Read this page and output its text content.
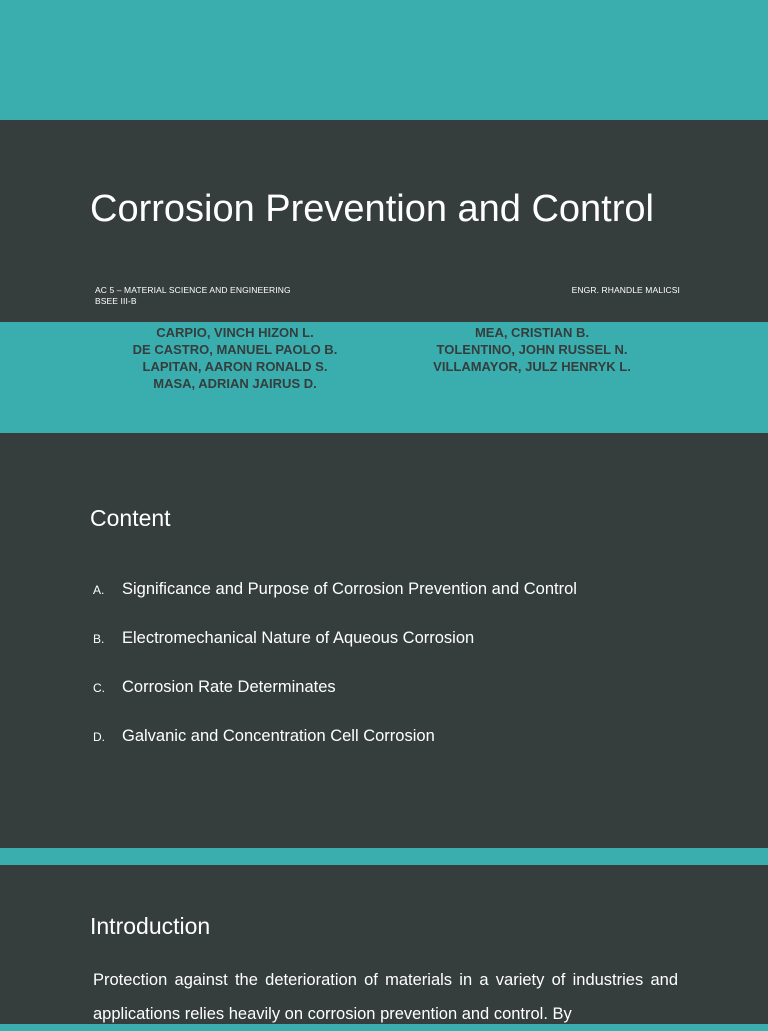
Corrosion Prevention and Control
AC 5 – MATERIAL SCIENCE AND ENGINEERING
BSEE III-B
ENGR. RHANDLE MALICSI
CARPIO, VINCH HIZON L.
DE CASTRO, MANUEL PAOLO B.
LAPITAN, AARON RONALD S.
MASA, ADRIAN JAIRUS D.
MEA, CRISTIAN B.
TOLENTINO, JOHN RUSSEL N.
VILLAMAYOR, JULZ HENRYK L.
Content
A. Significance and Purpose of Corrosion Prevention and Control
B. Electromechanical Nature of Aqueous Corrosion
C. Corrosion Rate Determinates
D. Galvanic and Concentration Cell Corrosion
Introduction

Protection against the deterioration of materials in a variety of industries and applications relies heavily on corrosion prevention and control. By
